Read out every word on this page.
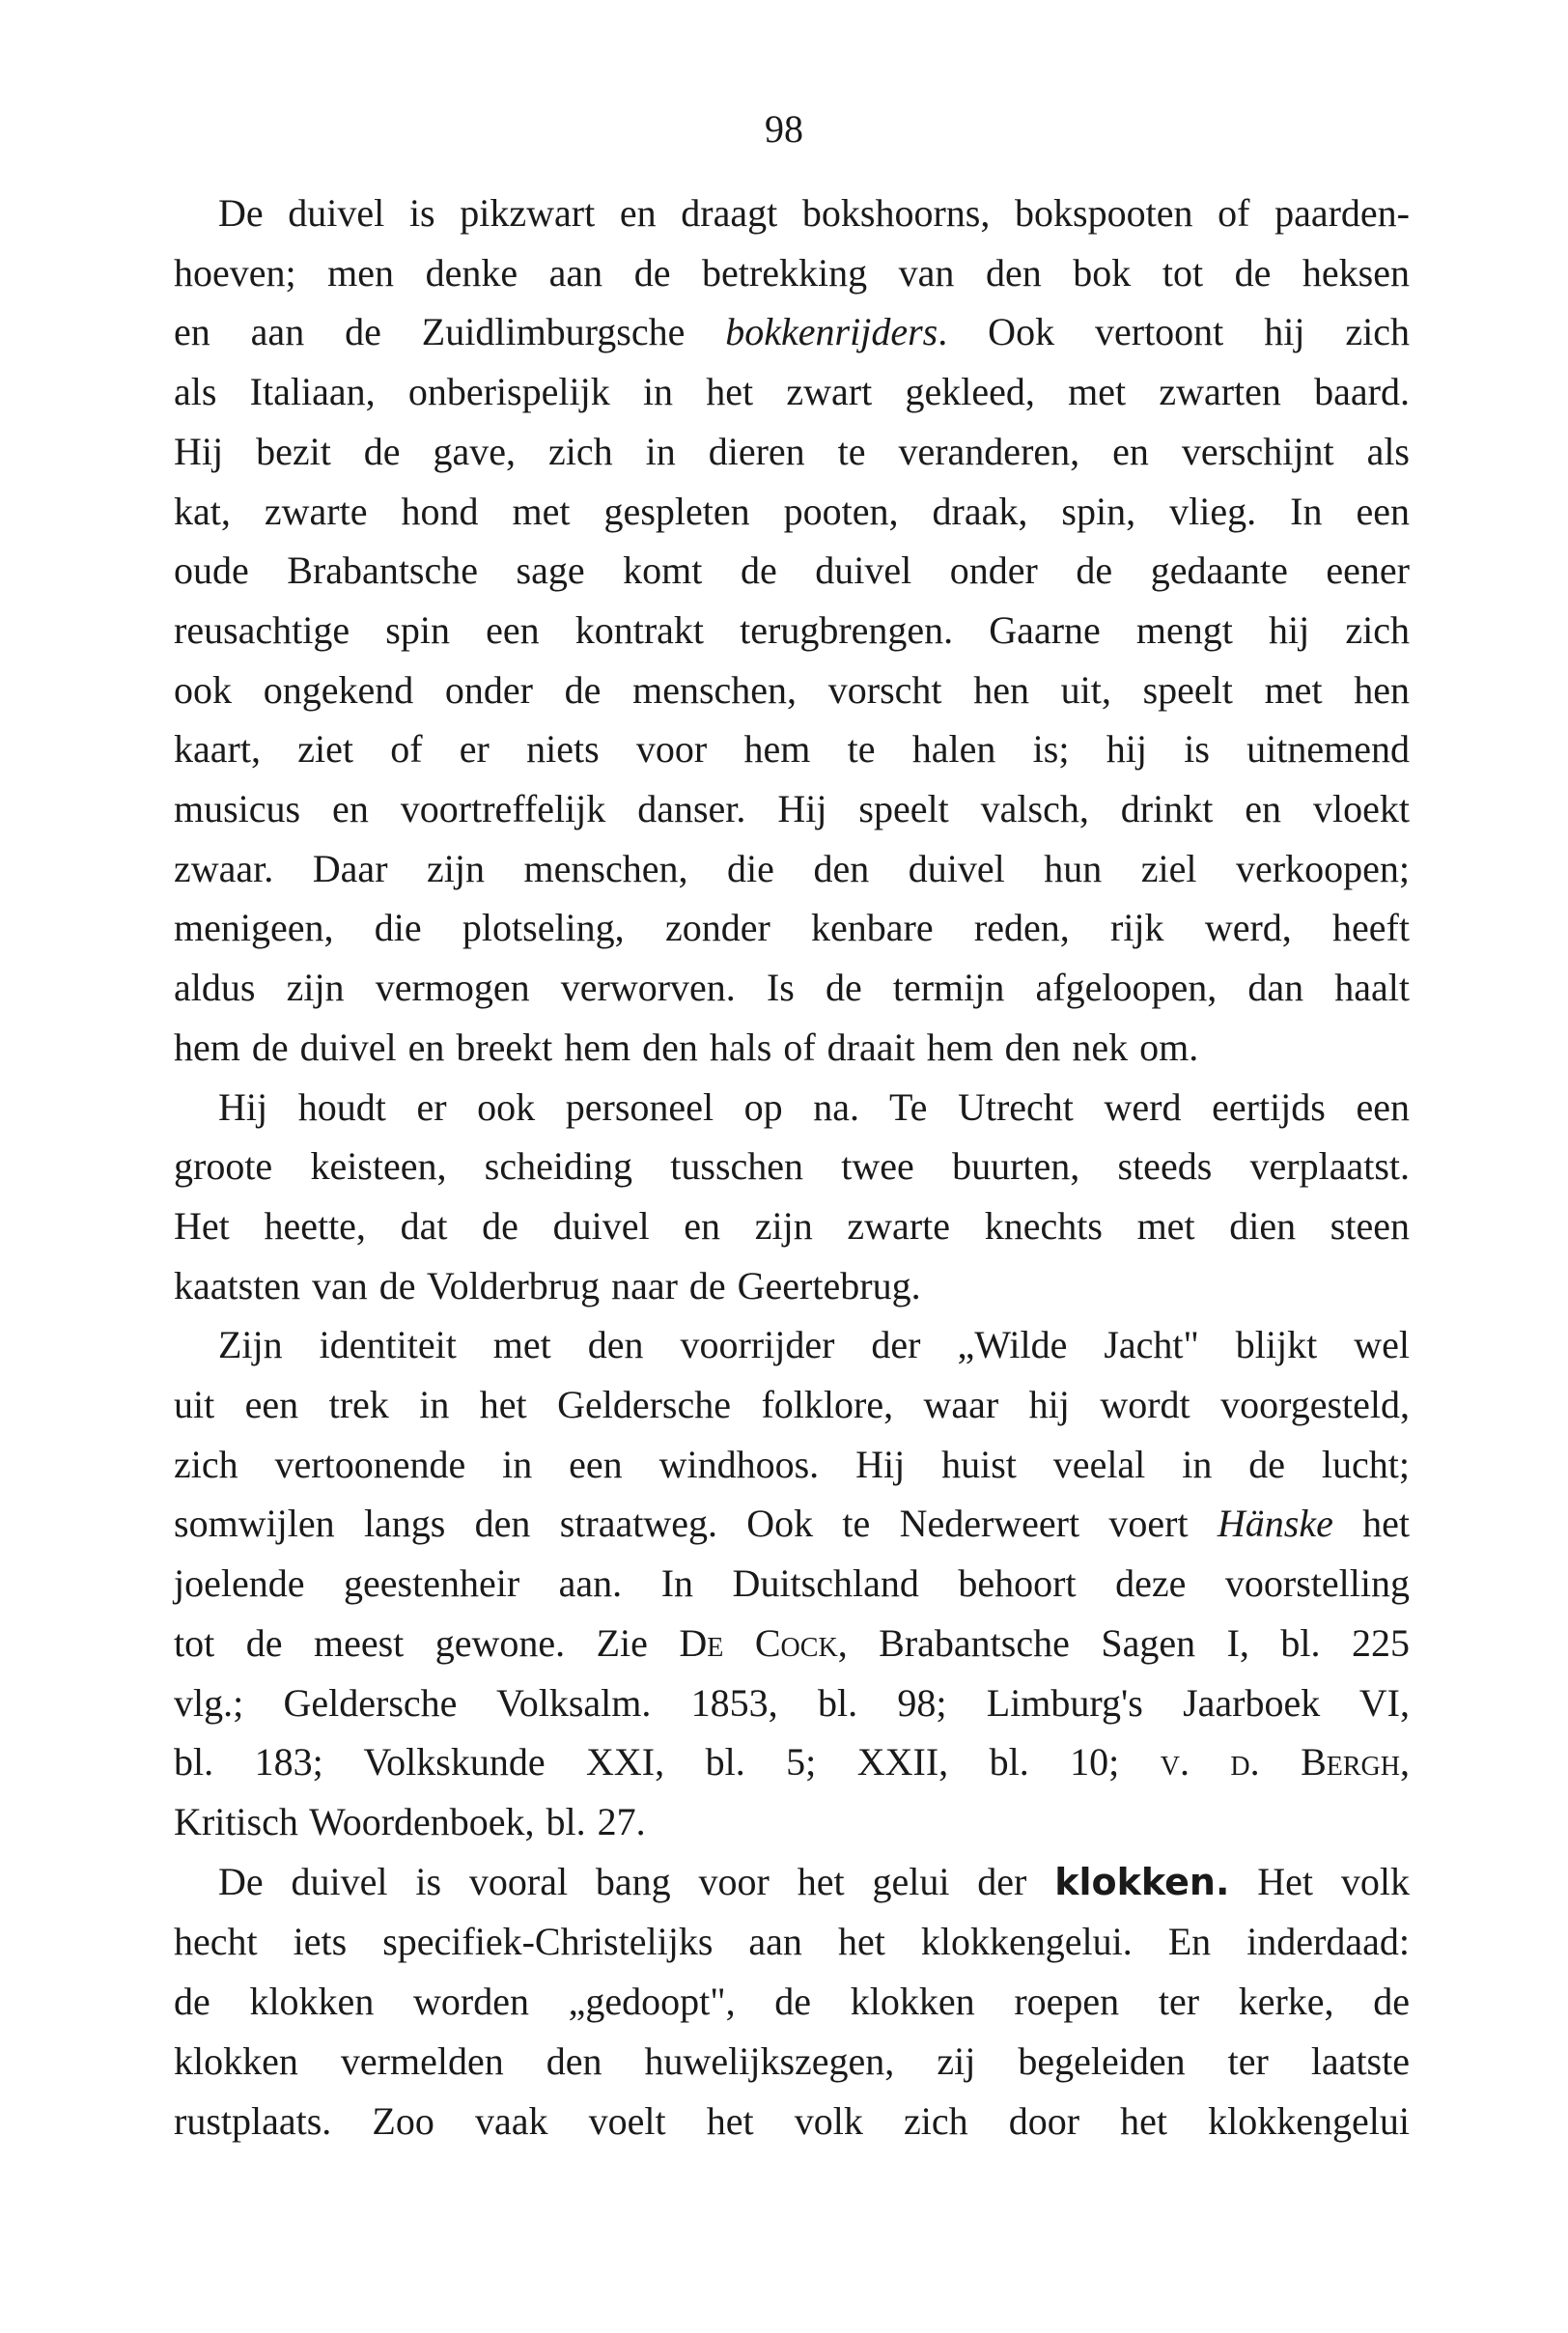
98

De duivel is pikzwart en draagt bokshoorns, bokspooten of paarden-
hoeven; men denke aan de betrekking van den bok tot de heksen
en aan de Zuidlimburgsche bokkenrijders. Ook vertoont hij zich
als Italiaan, onberispelijk in het zwart gekleed, met zwarten baard.
Hij bezit de gave, zich in dieren te veranderen, en verschijnt als
kat, zwarte hond met gespleten pooten, draak, spin, vlieg. In een
oude Brabantsche sage komt de duivel onder de gedaante eener
reusachtige spin een kontrakt terugbrengen. Gaarne mengt hij zich
ook ongekend onder de menschen, vorscht hen uit, speelt met hen
kaart, ziet of er niets voor hem te halen is; hij is uitnemend
musicus en voortreffelijk danser. Hij speelt valsch, drinkt en vloekt
zwaar. Daar zijn menschen, die den duivel hun ziel verkoopen;
menigeen, die plotseling, zonder kenbare reden, rijk werd, heeft
aldus zijn vermogen verworven. Is de termijn afgeloopen, dan haalt
hem de duivel en breekt hem den hals of draait hem den nek om.

Hij houdt er ook personeel op na. Te Utrecht werd eertijds een
groote keisteen, scheiding tusschen twee buurten, steeds verplaatst.
Het heette, dat de duivel en zijn zwarte knechts met dien steen
kaatsten van de Volderbrug naar de Geertebrug.

Zijn identiteit met den voorrijder der „Wilde Jacht" blijkt wel
uit een trek in het Geldersche folklore, waar hij wordt voorgesteld,
zich vertoonende in een windhoos. Hij huist veelal in de lucht;
somwijlen langs den straatweg. Ook te Nederweert voert Hänske het
joelende geestenheir aan. In Duitschland behoort deze voorstelling
tot de meest gewone. Zie De Cock, Brabantsche Sagen I, bl. 225
vlg.; Geldersche Volksalm. 1853, bl. 98; Limburg's Jaarboek VI,
bl. 183; Volkskunde XXI, bl. 5; XXII, bl. 10; v. d. Bergh,
Kritisch Woordenboek, bl. 27.

De duivel is vooral bang voor het gelui der klokken. Het volk
hecht iets specifiek-Christelijks aan het klokkengelui. En inderdaad:
de klokken worden „gedoopt", de klokken roepen ter kerke, de
klokken vermelden den huwelijkszegen, zij begeleiden ter laatste
rustplaats. Zoo vaak voelt het volk zich door het klokkengelui
